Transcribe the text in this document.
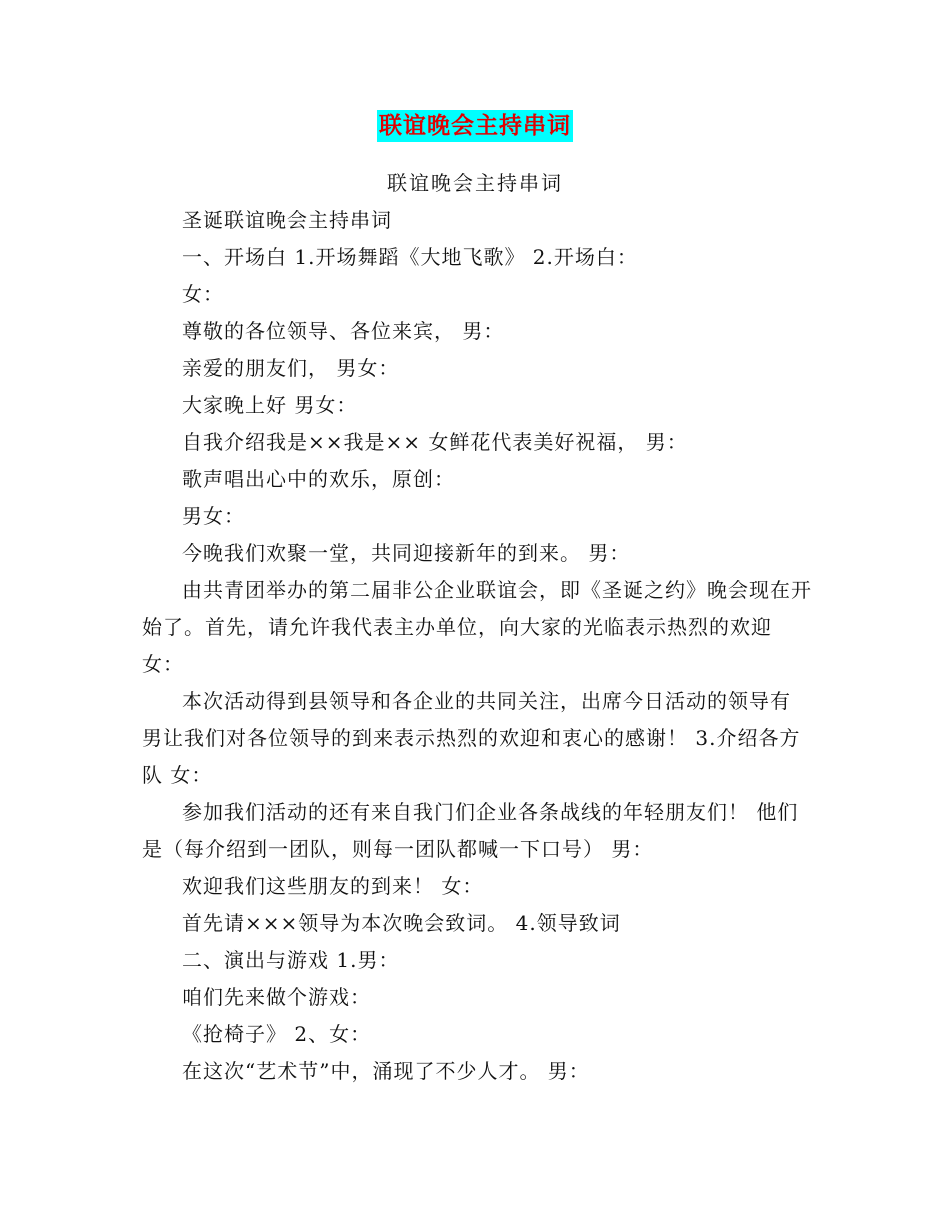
联谊晚会主持串词
联谊晚会主持串词

圣诞联谊晚会主持串词

一、开场白 1.开场舞蹈《大地飞歌》 2.开场白：

女：

尊敬的各位领导、各位来宾， 男：

亲爱的朋友们， 男女：

大家晚上好 男女：

自我介绍我是××我是×× 女鲜花代表美好祝福， 男：

歌声唱出心中的欢乐，原创：

男女：

今晚我们欢聚一堂，共同迎接新年的到来。 男：

由共青团举办的第二届非公企业联谊会，即《圣诞之约》晚会现在开始了。首先，请允许我代表主办单位，向大家的光临表示热烈的欢迎 女：

本次活动得到县领导和各企业的共同关注，出席今日活动的领导有 男让我们对各位领导的到来表示热烈的欢迎和衷心的感谢！ 3.介绍各方队 女：

参加我们活动的还有来自我门们企业各条战线的年轻朋友们！ 他们是（每介绍到一团队，则每一团队都喊一下口号） 男：

欢迎我们这些朋友的到来！ 女：

首先请×××领导为本次晚会致词。 4.领导致词

二、演出与游戏 1.男：

咱们先来做个游戏：

《抢椅子》 2、女：

在这次“艺术节”中，涌现了不少人才。 男：
